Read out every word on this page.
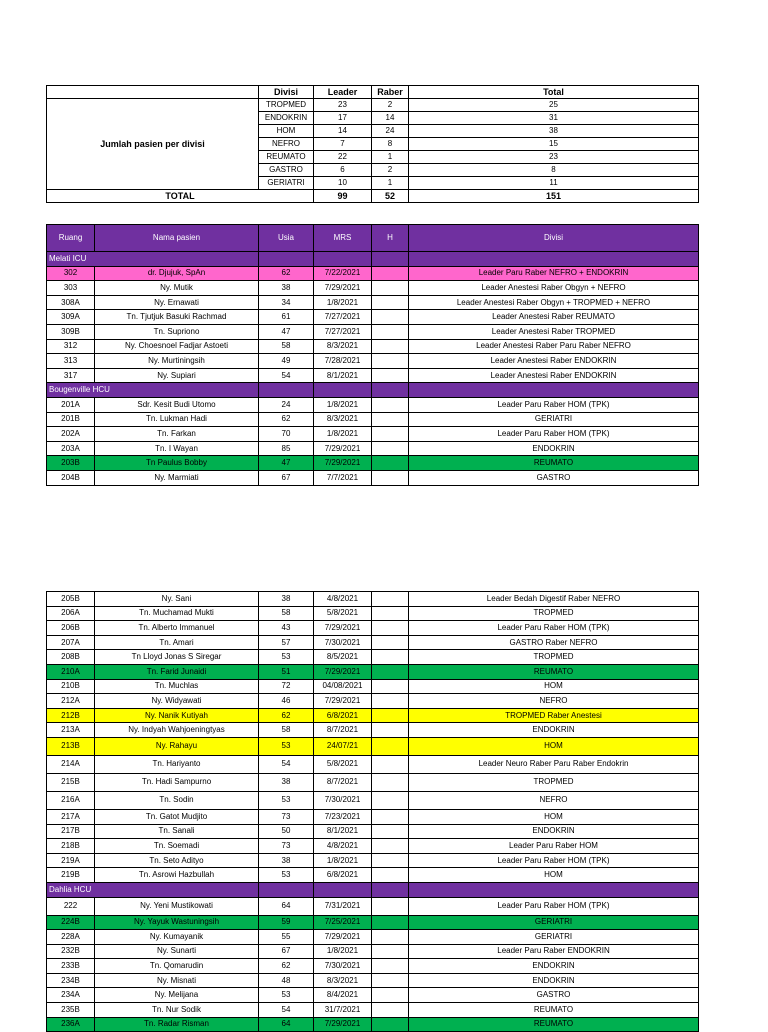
	Divisi	Leader	Raber	Total
Jumlah pasien per divisi	TROPMED	23	2	25
	ENDOKRIN	17	14	31
	HOM	14	24	38
	NEFRO	7	8	15
	REUMATO	22	1	23
	GASTRO	6	2	8
	GERIATRI	10	1	11
TOTAL		99	52	151
Ruang	Nama pasien	Usia	MRS	H	Divisi
Melati ICU					
302	dr. Djujuk, SpAn	62	7/22/2021		Leader Paru Raber NEFRO + ENDOKRIN
303	Ny. Mutik	38	7/29/2021		Leader Anestesi Raber Obgyn + NEFRO
308A	Ny. Ernawati	34	1/8/2021		Leader Anestesi Raber Obgyn + TROPMED + NEFRO
309A	Tn. Tjutjuk Basuki Rachmad	61	7/27/2021		Leader Anestesi Raber REUMATO
309B	Tn. Supriono	47	7/27/2021		Leader Anestesi Raber TROPMED
312	Ny. Choesnoel Fadjar Astoeti	58	8/3/2021		Leader Anestesi Raber Paru Raber NEFRO
313	Ny. Murtiningsih	49	7/28/2021		Leader Anestesi Raber ENDOKRIN
317	Ny. Supiari	54	8/1/2021		Leader Anestesi Raber ENDOKRIN
Bougenville HCU					
201A	Sdr. Kesit Budi Utomo	24	1/8/2021		Leader Paru Raber HOM (TPK)
201B	Tn. Lukman Hadi	62	8/3/2021		GERIATRI
202A	Tn. Farkan	70	1/8/2021		Leader Paru Raber HOM (TPK)
203A	Tn. I Wayan	85	7/29/2021		ENDOKRIN
203B	Tn Paulus Bobby	47	7/29/2021		REUMATO
204B	Ny. Marmiati	67	7/7/2021		GASTRO
205B	Ny. Sani	38	4/8/2021		Leader Bedah Digestif Raber NEFRO
206A	Tn. Muchamad Mukti	58	5/8/2021		TROPMED
206B	Tn. Alberto Immanuel	43	7/29/2021		Leader Paru Raber HOM (TPK)
207A	Tn. Amari	57	7/30/2021		GASTRO Raber NEFRO
208B	Tn Lloyd Jonas S Siregar	53	8/5/2021		TROPMED
210A	Tn. Farid Junaidi	51	7/29/2021		REUMATO
210B	Tn. Muchlas	72	04/08/2021		HOM
212A	Ny. Widyawati	46	7/29/2021		NEFRO
212B	Ny. Nanik Kutiyah	62	6/8/2021		TROPMED Raber Anestesi
213A	Ny. Indyah Wahjoeningtyas	58	8/7/2021		ENDOKRIN
213B	Ny. Rahayu	53	24/07/21		HOM
214A	Tn. Hariyanto	54	5/8/2021		Leader Neuro Raber Paru Raber Endokrin
215B	Tn. Hadi Sampurno	38	8/7/2021		TROPMED
216A	Tn. Sodin	53	7/30/2021		NEFRO
217A	Tn. Gatot Mudjito	73	7/23/2021		HOM
217B	Tn. Sanali	50	8/1/2021		ENDOKRIN
218B	Tn. Soemadi	73	4/8/2021		Leader Paru Raber HOM
219A	Tn. Seto Adityo	38	1/8/2021		Leader Paru Raber HOM (TPK)
219B	Tn. Asrowi Hazbullah	53	6/8/2021		HOM
Dahlia HCU					
222	Ny. Yeni Mustikowati	64	7/31/2021		Leader Paru Raber HOM (TPK)
224B	Ny. Yayuk Wastuningsih	59	7/25/2021		GERIATRI
228A	Ny. Kumayanik	55	7/29/2021		GERIATRI
232B	Ny. Sunarti	67	1/8/2021		Leader Paru Raber ENDOKRIN
233B	Tn. Qomarudin	62	7/30/2021		ENDOKRIN
234B	Ny. Misnati	48	8/3/2021		ENDOKRIN
234A	Ny. Melijana	53	8/4/2021		GASTRO
235B	Tn. Nur Sodik	54	31/7/2021		REUMATO
236A	Tn. Radar Risman	64	7/29/2021		REUMATO
